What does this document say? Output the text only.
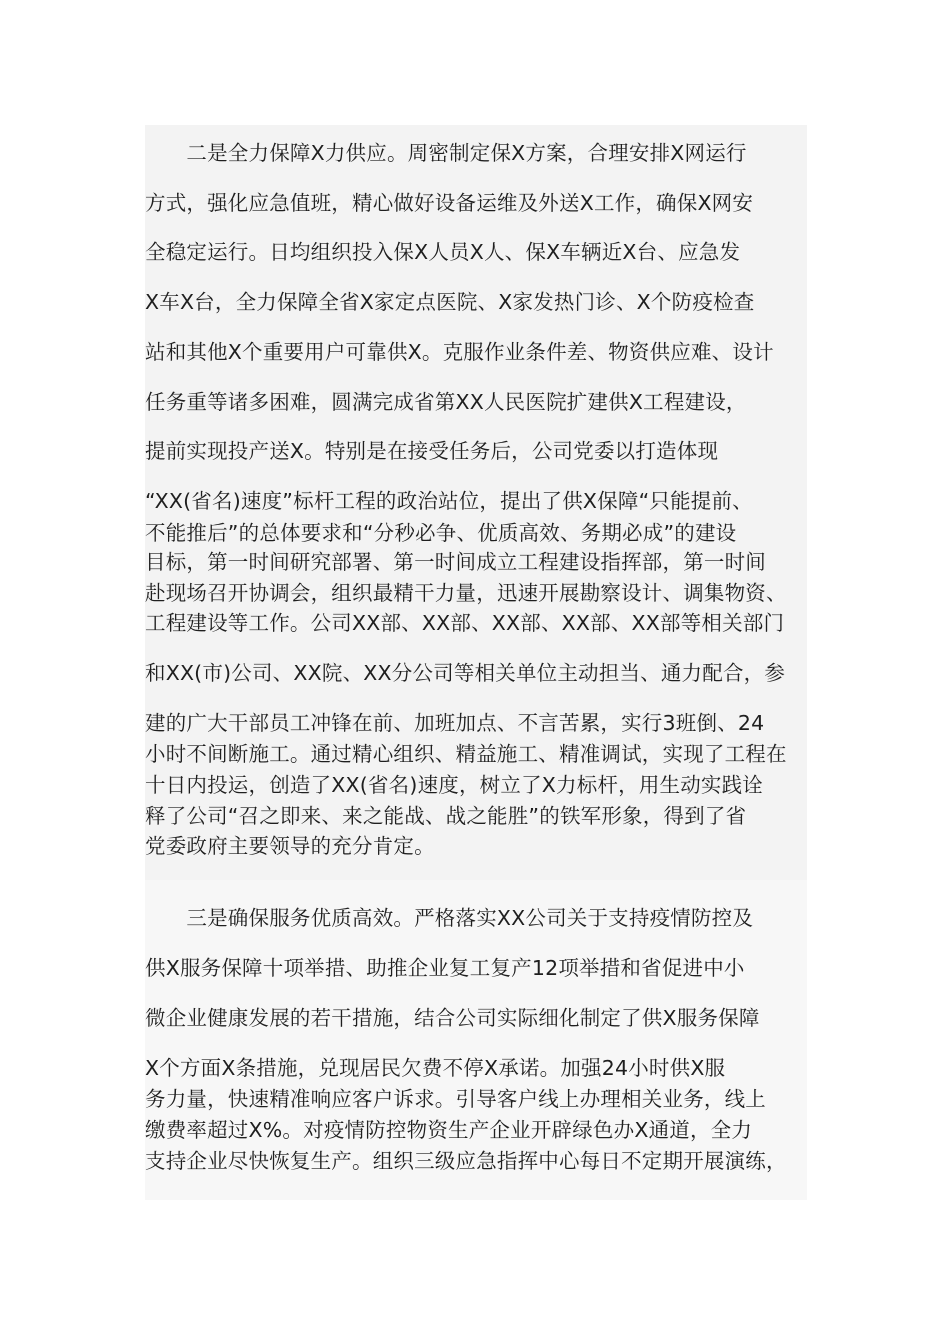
　　二是全力保障X力供应。周密制定保X方案，合理安排X网运行
方式，强化应急值班，精心做好设备运维及外送X工作，确保X网安
全稳定运行。日均组织投入保X人员X人、保X车辆近X台、应急发
X车X台，全力保障全省X家定点医院、X家发热门诊、X个防疫检查
站和其他X个重要用户可靠供X。克服作业条件差、物资供应难、设计
任务重等诸多困难，圆满完成省第XX人民医院扩建供X工程建设，
提前实现投产送X。特别是在接受任务后，公司党委以打造体现
“XX(省名)速度”标杆工程的政治站位，提出了供X保障“只能提前、
不能推后”的总体要求和“分秒必争、优质高效、务期必成”的建设
目标，第一时间研究部署、第一时间成立工程建设指挥部，第一时间
赴现场召开协调会，组织最精干力量，迅速开展勘察设计、调集物资、
工程建设等工作。公司XX部、XX部、XX部、XX部、XX部等相关部门
和XX(市)公司、XX院、XX分公司等相关单位主动担当、通力配合，参
建的广大干部员工冲锋在前、加班加点、不言苦累，实行3班倒、24
小时不间断施工。通过精心组织、精益施工、精准调试，实现了工程在
十日内投运，创造了XX(省名)速度，树立了X力标杆，用生动实践诠
释了公司“召之即来、来之能战、战之能胜”的铁军形象，得到了省
党委政府主要领导的充分肯定。
　　三是确保服务优质高效。严格落实XX公司关于支持疫情防控及
供X服务保障十项举措、助推企业复工复产12项举措和省促进中小
微企业健康发展的若干措施，结合公司实际细化制定了供X服务保障
X个方面X条措施，兑现居民欠费不停X承诺。加强24小时供X服
务力量，快速精准响应客户诉求。引导客户线上办理相关业务，线上
缴费率超过X%。对疫情防控物资生产企业开辟绿色办X通道，全力
支持企业尽快恢复生产。组织三级应急指挥中心每日不定期开展演练，
